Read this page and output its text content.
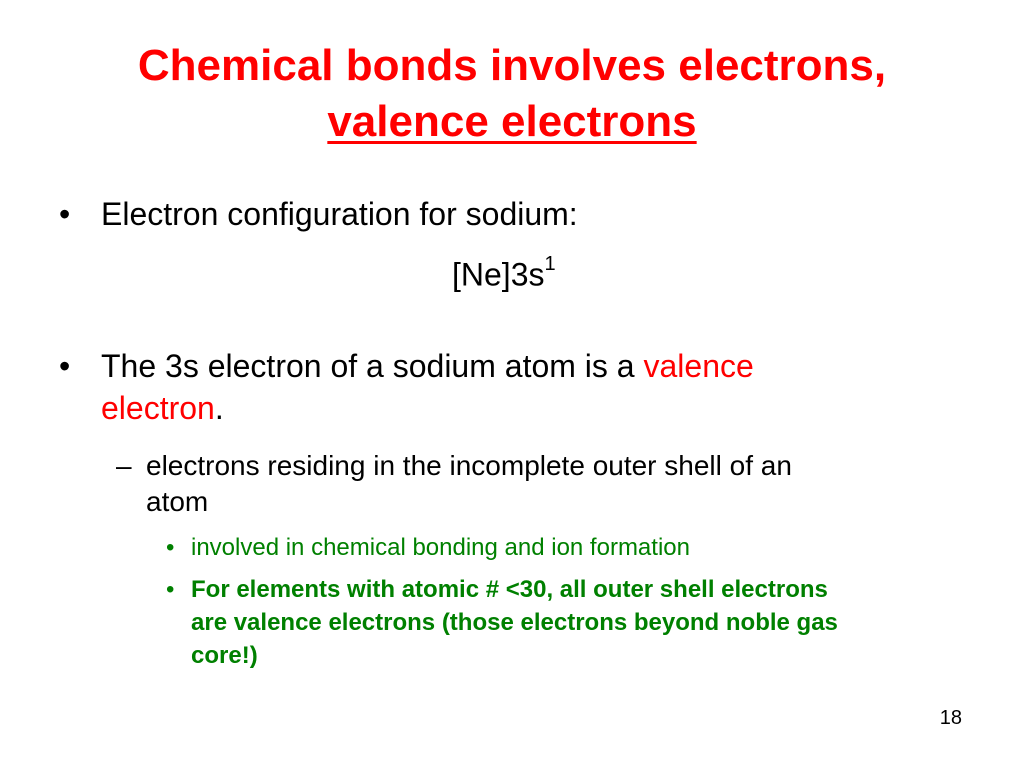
Chemical bonds involves electrons,
valence electrons
• Electron configuration for sodium:
$[Ne]3s^1$
• The 3s electron of a sodium atom is a valence
electron.
– electrons residing in the incomplete outer shell of an
atom
• involved in chemical bonding and ion formation
• For elements with atomic # <30, all outer shell electrons
are valence electrons (those electrons beyond noble gas
core!)
18
